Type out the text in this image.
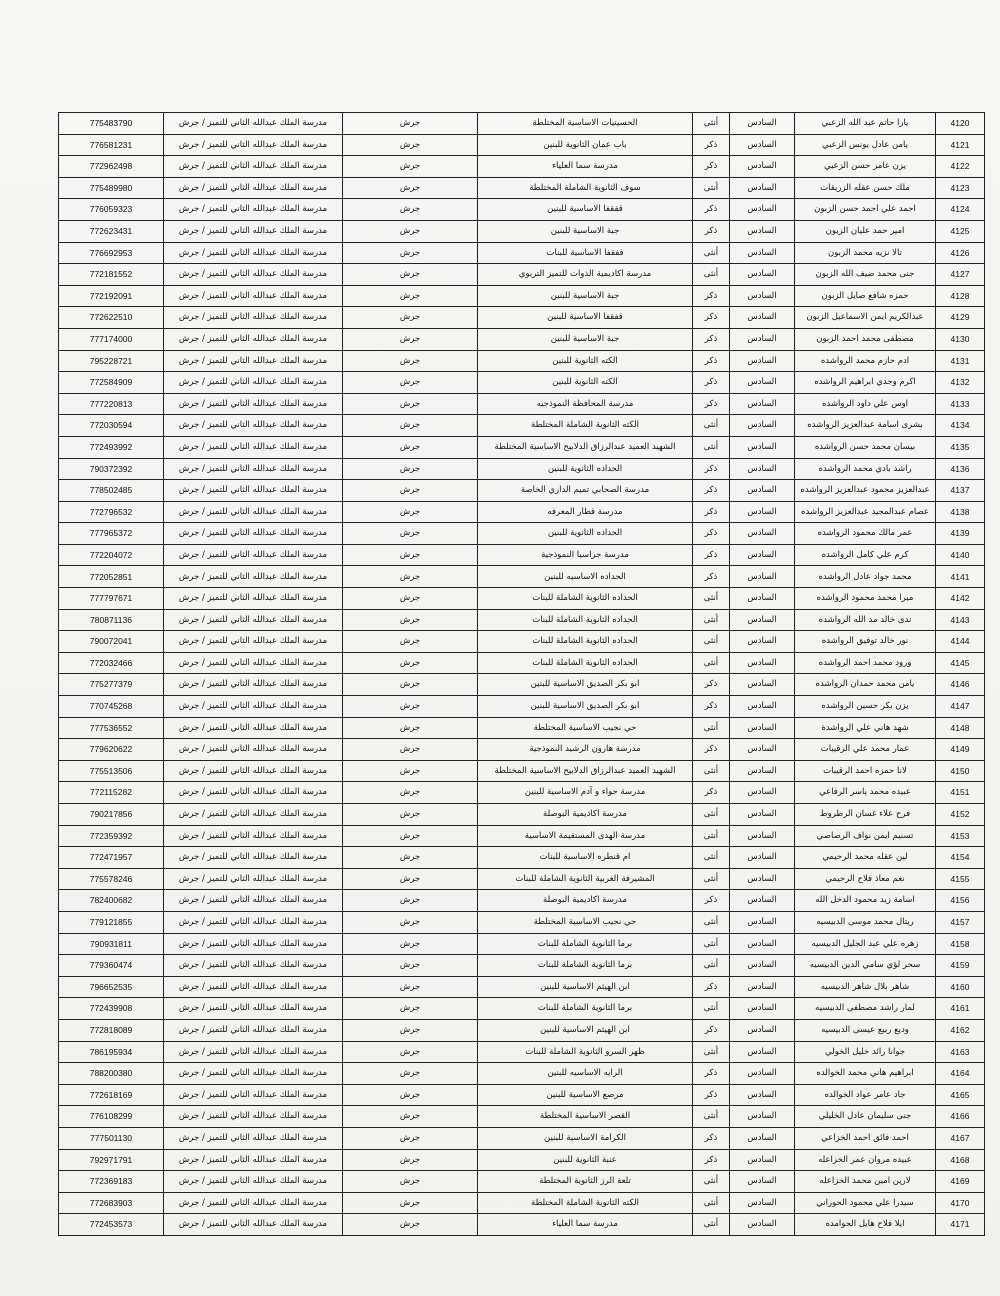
4120	يارا حاتم عبد الله الزعبي	السادس	أنثى	الحسينيات الاساسية المختلطة	جرش	مدرسة الملك عبدالله الثاني للتميز / جرش	775483790
4121	يامن عادل يونس الزعبي	السادس	ذكر	باب عمان الثانوية للبنين	جرش	مدرسة الملك عبدالله الثاني للتميز / جرش	776581231
4122	يزن عامر حسن الزعبي	السادس	ذكر	مدرسة سما العلياء	جرش	مدرسة الملك عبدالله الثاني للتميز / جرش	772962498
4123	ملك حسن عقله الزريقات	السادس	أنثى	سوف الثانوية الشاملة المختلطة	جرش	مدرسة الملك عبدالله الثاني للتميز / جرش	775489980
4124	احمد علي احمد حسن الزبون	السادس	ذكر	قفقفا الاساسية للبنين	جرش	مدرسة الملك عبدالله الثاني للتميز / جرش	776059323
4125	امير حمد عليان الزبون	السادس	ذكر	جبة الاساسية للبنين	جرش	مدرسة الملك عبدالله الثاني للتميز / جرش	772623431
4126	تالا نزيه محمد الزبون	السادس	أنثى	قفقفا الاساسية للبنات	جرش	مدرسة الملك عبدالله الثاني للتميز / جرش	776692953
4127	جنى محمد ضيف الله الزبون	السادس	أنثى	مدرسة اكاديمية الذوات للتميز التربوي	جرش	مدرسة الملك عبدالله الثاني للتميز / جرش	772181552
4128	حمزه شافع صايل الزبون	السادس	ذكر	جبة الاساسية للبنين	جرش	مدرسة الملك عبدالله الثاني للتميز / جرش	772192091
4129	عبدالكريم ايمن الاسماعيل الزبون	السادس	ذكر	قفقفا الاساسية للبنين	جرش	مدرسة الملك عبدالله الثاني للتميز / جرش	772622510
4130	مصطفى محمد احمد الزبون	السادس	ذكر	جبة الاساسية للبنين	جرش	مدرسة الملك عبدالله الثاني للتميز / جرش	777174000
4131	ادم حازم محمد الرواشده	السادس	ذكر	الكته الثانوية للبنين	جرش	مدرسة الملك عبدالله الثاني للتميز / جرش	795228721
4132	اكرم وجدي ابراهيم الرواشده	السادس	ذكر	الكته الثانوية للبنين	جرش	مدرسة الملك عبدالله الثاني للتميز / جرش	772584909
4133	اوس علي داود الرواشده	السادس	ذكر	مدرسة المحافظة النموذجيه	جرش	مدرسة الملك عبدالله الثاني للتميز / جرش	777220813
4134	بشرى اسامة عبدالعزيز الرواشده	السادس	أنثى	الكته الثانوية الشاملة المختلطة	جرش	مدرسة الملك عبدالله الثاني للتميز / جرش	772030594
4135	بيسان محمد حسن الرواشده	السادس	أنثى	الشهيد العميد عبدالرزاق الدلابيح الاساسية المختلطة	جرش	مدرسة الملك عبدالله الثاني للتميز / جرش	772493992
4136	راشد بادي محمد الرواشده	السادس	ذكر	الحداده الثانوية للبنين	جرش	مدرسة الملك عبدالله الثاني للتميز / جرش	790372392
4137	عبدالعزيز محمود عبدالعزيز الرواشده	السادس	ذكر	مدرسة الصحابي تميم الداري الخاصة	جرش	مدرسة الملك عبدالله الثاني للتميز / جرش	778502485
4138	عصام عبدالمجيد عبدالعزيز الرواشده	السادس	ذكر	مدرسة قطار المعرفه	جرش	مدرسة الملك عبدالله الثاني للتميز / جرش	772796532
4139	عمر مالك محمود الرواشده	السادس	ذكر	الحداده الثانوية للبنين	جرش	مدرسة الملك عبدالله الثاني للتميز / جرش	777965372
4140	كرم علي كامل الرواشده	السادس	ذكر	مدرسة جراسيا النموذجية	جرش	مدرسة الملك عبدالله الثاني للتميز / جرش	772204072
4141	محمد جواد عادل الرواشده	السادس	ذكر	الحداده الاساسيه للبنين	جرش	مدرسة الملك عبدالله الثاني للتميز / جرش	772052851
4142	ميرا محمد محمود الرواشده	السادس	أنثى	الحداده الثانوية الشاملة للبنات	جرش	مدرسة الملك عبدالله الثاني للتميز / جرش	777797671
4143	ندى خالد مد الله الرواشده	السادس	أنثى	الحداده الثانوية الشاملة للبنات	جرش	مدرسة الملك عبدالله الثاني للتميز / جرش	780871136
4144	نور خالد توفيق الرواشده	السادس	أنثى	الحداده الثانوية الشاملة للبنات	جرش	مدرسة الملك عبدالله الثاني للتميز / جرش	790072041
4145	ورود محمد احمد الرواشده	السادس	أنثى	الحداده الثانوية الشاملة للبنات	جرش	مدرسة الملك عبدالله الثاني للتميز / جرش	772032466
4146	يامن محمد حمدان الرواشده	السادس	ذكر	ابو بكر الصديق الاساسية للبنين	جرش	مدرسة الملك عبدالله الثاني للتميز / جرش	775277379
4147	يزن بكر حسين الرواشده	السادس	ذكر	ابو بكر الصديق الاساسية للبنين	جرش	مدرسة الملك عبدالله الثاني للتميز / جرش	770745268
4148	شهد هاني علي الرواشدة	السادس	أنثى	حي نجيب الاساسية المختلطة	جرش	مدرسة الملك عبدالله الثاني للتميز / جرش	777536552
4149	عمار محمد علي الرقيبات	السادس	ذكر	مدرسة هارون الرشيد النموذجية	جرش	مدرسة الملك عبدالله الثاني للتميز / جرش	779620622
4150	لانا حمزه احمد الرقيبات	السادس	أنثى	الشهيد العميد عبدالرزاق الدلابيح الاساسية المختلطة	جرش	مدرسة الملك عبدالله الثاني للتميز / جرش	775513506
4151	عبيده محمد ياسر الرفاعي	السادس	ذكر	مدرسة حواء و آدم الاساسية للبنين	جرش	مدرسة الملك عبدالله الثاني للتميز / جرش	772115282
4152	فرح علاء غسان الرطروط	السادس	أنثى	مدرسة اكاديمية البوصلة	جرش	مدرسة الملك عبدالله الثاني للتميز / جرش	790217856
4153	تسنيم ايمن نواف الرصاصي	السادس	أنثى	مدرسة الهدى المستقيمة الاساسية	جرش	مدرسة الملك عبدالله الثاني للتميز / جرش	772359392
4154	لين عقله محمد الرحيمي	السادس	أنثى	ام قنطره الاساسية للبنات	جرش	مدرسة الملك عبدالله الثاني للتميز / جرش	772471957
4155	نغم معاذ فلاح الرحيمي	السادس	أنثى	المشيرفة الغربية الثانوية الشاملة للبنات	جرش	مدرسة الملك عبدالله الثاني للتميز / جرش	775578246
4156	اسامة زيد محمود الدخل الله	السادس	ذكر	مدرسة اكاديمية البوصلة	جرش	مدرسة الملك عبدالله الثاني للتميز / جرش	782400682
4157	ريتال محمد موسى الدبيسيه	السادس	أنثى	حي نجيب الاساسية المختلطة	جرش	مدرسة الملك عبدالله الثاني للتميز / جرش	779121855
4158	زهره علي عبد الجليل الدبيسيه	السادس	أنثى	برما الثانوية الشاملة للبنات	جرش	مدرسة الملك عبدالله الثاني للتميز / جرش	790931811
4159	سحر لؤي سامي الدين الدبيسيه	السادس	أنثى	برما الثانوية الشاملة للبنات	جرش	مدرسة الملك عبدالله الثاني للتميز / جرش	779360474
4160	شاهر بلال شاهر الدبيسيه	السادس	ذكر	ابن الهيثم الاساسية للبنين	جرش	مدرسة الملك عبدالله الثاني للتميز / جرش	796652535
4161	لمار راشد مصطفى الدبيسيه	السادس	أنثى	برما الثانوية الشاملة للبنات	جرش	مدرسة الملك عبدالله الثاني للتميز / جرش	772439908
4162	وديع ربيع عيسى الدبيسيه	السادس	ذكر	ابن الهيثم الاساسية للبنين	جرش	مدرسة الملك عبدالله الثاني للتميز / جرش	772818089
4163	جوانا رائد خليل الخولي	السادس	أنثى	ظهر السرو الثانوية الشاملة للبنات	جرش	مدرسة الملك عبدالله الثاني للتميز / جرش	786195934
4164	ابراهيم هاني محمد الخوالده	السادس	ذكر	الرايه الاساسيه للبنين	جرش	مدرسة الملك عبدالله الثاني للتميز / جرش	788200380
4165	جاد عامر عواد الخوالده	السادس	ذكر	مرصع الاساسية للبنين	جرش	مدرسة الملك عبدالله الثاني للتميز / جرش	772618169
4166	جنى سليمان عادل الخليلي	السادس	أنثى	القصر الاساسية المختلطة	جرش	مدرسة الملك عبدالله الثاني للتميز / جرش	776108299
4167	احمد فائق احمد الخزاعي	السادس	ذكر	الكرامة الاساسية للبنين	جرش	مدرسة الملك عبدالله الثاني للتميز / جرش	777501130
4168	عبيده مروان عمر الخزاعله	السادس	ذكر	عنبة الثانوية للبنين	جرش	مدرسة الملك عبدالله الثاني للتميز / جرش	792971791
4169	لارين امين محمد الخزاعله	السادس	أنثى	تلعة الرز الثانوية المختلطة	جرش	مدرسة الملك عبدالله الثاني للتميز / جرش	772369183
4170	سيدرا علي محمود الحوراني	السادس	أنثى	الكته الثانوية الشاملة المختلطة	جرش	مدرسة الملك عبدالله الثاني للتميز / جرش	772683903
4171	ايلا فلاح هايل الحوامده	السادس	أنثى	مدرسة سما العلياء	جرش	مدرسة الملك عبدالله الثاني للتميز / جرش	772453573
